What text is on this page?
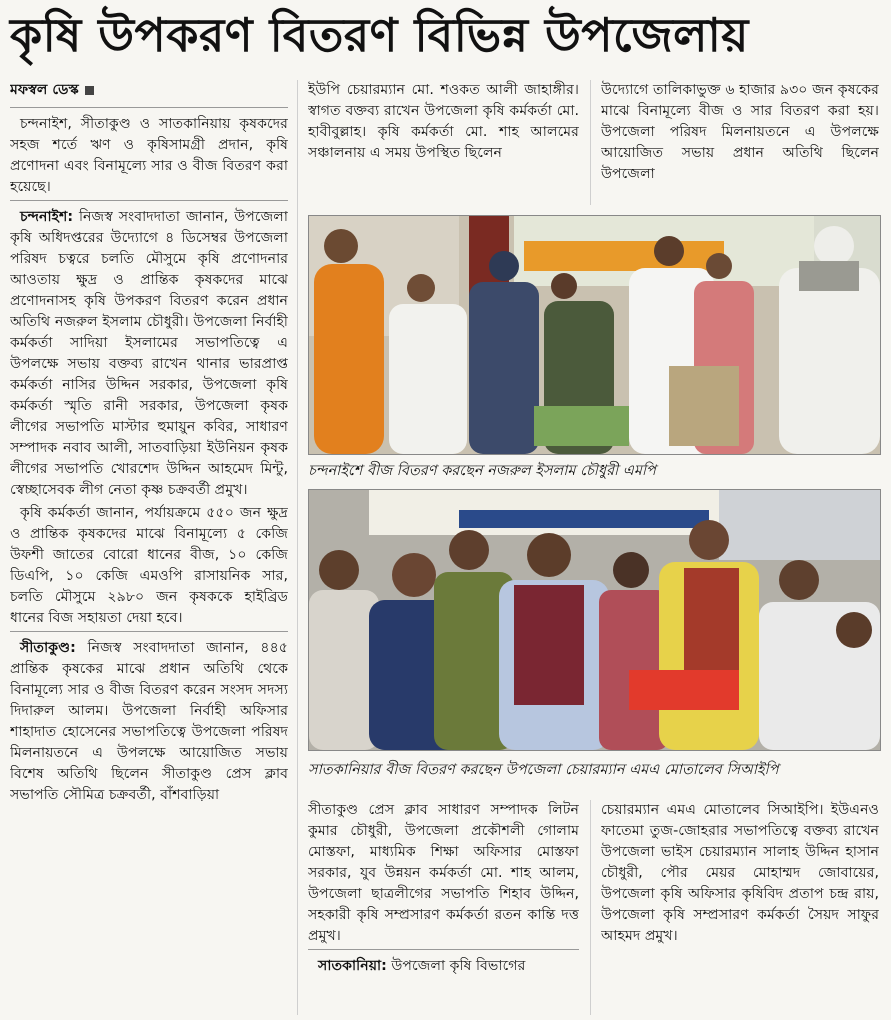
কৃষি উপকরণ বিতরণ বিভিন্ন উপজেলায়
মফস্বল ডেস্ক

চন্দনাইশ, সীতাকুণ্ড ও সাতকানিয়ায় কৃষকদের সহজ শর্তে ঋণ ও কৃষিসামগ্রী প্রদান, কৃষি প্রণোদনা এবং বিনামূল্যে সার ও বীজ বিতরণ করা হয়েছে।

চন্দনাইশ: নিজস্ব সংবাদদাতা জানান, উপজেলা কৃষি অধিদপ্তরের উদ্যোগে ৪ ডিসেম্বর উপজেলা পরিষদ চত্বরে চলতি মৌসুমে কৃষি প্রণোদনার আওতায় ক্ষুদ্র ও প্রান্তিক কৃষকদের মাঝে প্রণোদনাসহ কৃষি উপকরণ বিতরণ করেন প্রধান অতিথি নজরুল ইসলাম চৌধুরী। উপজেলা নির্বাহী কর্মকর্তা সাদিয়া ইসলামের সভাপতিত্বে এ উপলক্ষে সভায় বক্তব্য রাখেন থানার ভারপ্রাপ্ত কর্মকর্তা নাসির উদ্দিন সরকার, উপজেলা কৃষি কর্মকর্তা স্মৃতি রানী সরকার, উপজেলা কৃষক লীগের সভাপতি মাস্টার হুমায়ুন কবির, সাধারণ সম্পাদক নবাব আলী, সাতবাড়িয়া ইউনিয়ন কৃষক লীগের সভাপতি খোরশেদ উদ্দিন আহমেদ মিন্টু, স্বেচ্ছাসেবক লীগ নেতা কৃষ্ণ চক্রবর্তী প্রমুখ।

কৃষি কর্মকর্তা জানান, পর্যায়ক্রমে ৫৫০ জন ক্ষুদ্র ও প্রান্তিক কৃষকদের মাঝে বিনামূল্যে ৫ কেজি উফশী জাতের বোরো ধানের বীজ, ১০ কেজি ডিএপি, ১০ কেজি এমওপি রাসায়নিক সার, চলতি মৌসুমে ২৯৮০ জন কৃষককে হাইব্রিড ধানের বিজ সহায়তা দেয়া হবে।

সীতাকুণ্ড: নিজস্ব সংবাদদাতা জানান, ৪৪৫ প্রান্তিক কৃষকের মাঝে প্রধান অতিথি থেকে বিনামূল্যে সার ও বীজ বিতরণ করেন সংসদ সদস্য দিদারুল আলম। উপজেলা নির্বাহী অফিসার শাহাদাত হোসেনের সভাপতিত্বে উপজেলা পরিষদ মিলনায়তনে এ উপলক্ষে আয়োজিত সভায় বিশেষ অতিথি ছিলেন সীতাকুণ্ড প্রেস ক্লাব সভাপতি সৌমিত্র চক্রবর্তী, বাঁশবাড়িয়া

ইউপি চেয়ারম্যান মো. শওকত আলী জাহাঙ্গীর। স্বাগত বক্তব্য রাখেন উপজেলা কৃষি কর্মকর্তা মো. হাবীবুল্লাহ। কৃষি কর্মকর্তা মো. শাহ আলমের সঞ্চালনায় এ সময় উপস্থিত ছিলেন

উদ্যোগে তালিকাভুক্ত ৬ হাজার ৯৩০ জন কৃষকের মাঝে বিনামূল্যে বীজ ও সার বিতরণ করা হয়। উপজেলা পরিষদ মিলনায়তনে এ উপলক্ষে আয়োজিত সভায় প্রধান অতিথি ছিলেন উপজেলা

চন্দনাইশে বীজ বিতরণ করছেন নজরুল ইসলাম চৌধুরী এমপি
সাতকানিয়ার বীজ বিতরণ করছেন উপজেলা চেয়ারম্যান এমএ মোতালেব সিআইপি

সীতাকুণ্ড প্রেস ক্লাব সাধারণ সম্পাদক লিটন কুমার চৌধুরী, উপজেলা প্রকৌশলী গোলাম মোস্তফা, মাধ্যমিক শিক্ষা অফিসার মোস্তফা সরকার, যুব উন্নয়ন কর্মকর্তা মো. শাহ আলম, উপজেলা ছাত্রলীগের সভাপতি শিহাব উদ্দিন, সহকারী কৃষি সম্প্রসারণ কর্মকর্তা রতন কান্তি দত্ত প্রমুখ।

সাতকানিয়া: উপজেলা কৃষি বিভাগের

চেয়ারম্যান এমএ মোতালেব সিআইপি। ইউএনও ফাতেমা তুজ-জোহরার সভাপতিত্বে বক্তব্য রাখেন উপজেলা ভাইস চেয়ারম্যান সালাহ উদ্দিন হাসান চৌধুরী, পৌর মেয়র মোহাম্মদ জোবায়ের, উপজেলা কৃষি অফিসার কৃষিবিদ প্রতাপ চন্দ্র রায়, উপজেলা কৃষি সম্প্রসারণ কর্মকর্তা সৈয়দ সাফুর আহমদ প্রমুখ।
